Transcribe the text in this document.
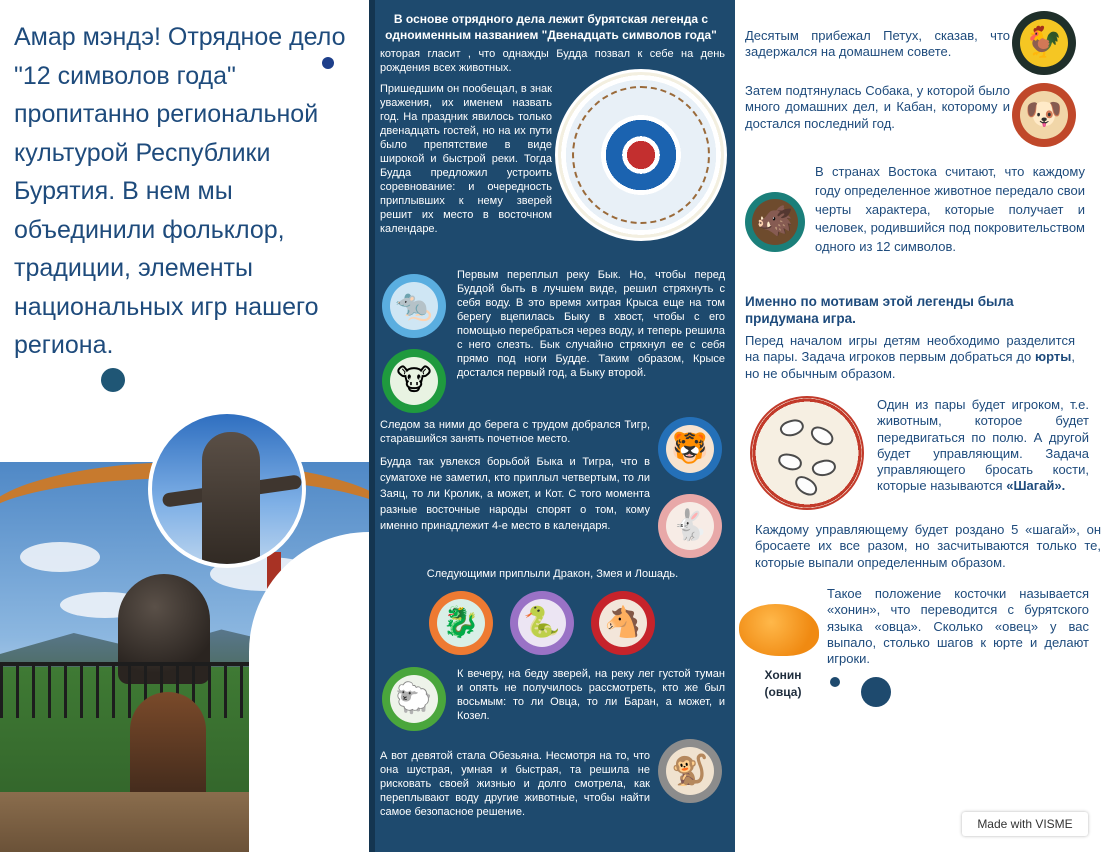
Амар мэндэ! Отрядное дело "12 символов года" пропитанно региональной культурой Республики Бурятия. В нем мы объединили фольклор, традиции, элементы национальных игр нашего региона.

В основе отрядного дела лежит бурятская легенда с одноименным названием "Двенадцать символов года"

которая гласит , что однажды Будда позвал к себе на день рождения всех животных.

Пришедшим он пообещал, в знак уважения, их именем назвать год. На праздник явилось только двенадцать гостей, но на их пути было препятствие в виде широкой и быстрой реки. Тогда Будда предложил устроить соревнование: и очередность приплывших к нему зверей решит их место в восточном календаре.

Первым переплыл реку Бык. Но, чтобы перед Буддой быть в лучшем виде, решил стряхнуть с себя воду. В это время хитрая Крыса еще на том берегу вцепилась Быку в хвост, чтобы с его помощью перебраться через воду, и теперь решила с него слезть. Бык случайно стряхнул ее с себя прямо под ноги Будде. Таким образом, Крысе достался первый год, а Быку второй.

Следом за ними до берега с трудом добрался Тигр, старавшийся занять почетное место.

Будда так увлекся борьбой Быка и Тигра, что в суматохе не заметил, кто приплыл четвертым, то ли Заяц, то ли Кролик, а может, и Кот. С того момента разные восточные народы спорят о том, кому именно принадлежит 4-е место в календаря.

Следующими приплыли Дракон, Змея и Лошадь.

К вечеру, на беду зверей, на реку лег густой туман и опять не получилось рассмотреть, кто же был восьмым: то ли Овца, то ли Баран, а может, и Козел.

А вот девятой стала Обезьяна. Несмотря на то, что она шустрая, умная и быстрая, та решила не рисковать своей жизнью и долго смотрела, как переплывают воду другие животные, чтобы найти самое безопасное решение.

🐀
🐮
🐯
🐇
🐉 🐍 🐴
🐑
🐒

Десятым прибежал Петух, сказав, что задержался на домашнем совете.

Затем подтянулась Собака, у которой было много домашних дел, и Кабан, которому и достался последний год.

В странах Востока считают, что каждому году определенное животное передало свои черты характера, которые получает и человек, родившийся под покровительством одного из 12 символов.

Именно по мотивам этой легенды была придумана игра.

Перед началом игры детям необходимо разделится на пары. Задача игроков первым добраться до юрты, но не обычным образом.

Один из пары будет игроком, т.е. животным, которое будет передвигаться по полю. А другой будет управляющим. Задача управляющего бросать кости, которые называются «Шагай».

Каждому управляющему будет роздано 5 «шагай», он бросаете их все разом, но засчитываются только те, которые выпали определенным образом.

Такое положение косточки называется «хонин», что переводится с бурятского языка «овца». Сколько «овец» у вас выпало, столько шагов к юрте и делают игроки.

Юрта — это традиционное жилище, используемое народами Центральной Азии, включая кочевые народы, такие как казахи, киргизы, буряты и монголы.

«Шагай наадан» — одна из древнейших игр, распространённых среди монгольских и бурятских народов.

🐓
🐶
🐗

Хонин (овца)

Made with VISME
